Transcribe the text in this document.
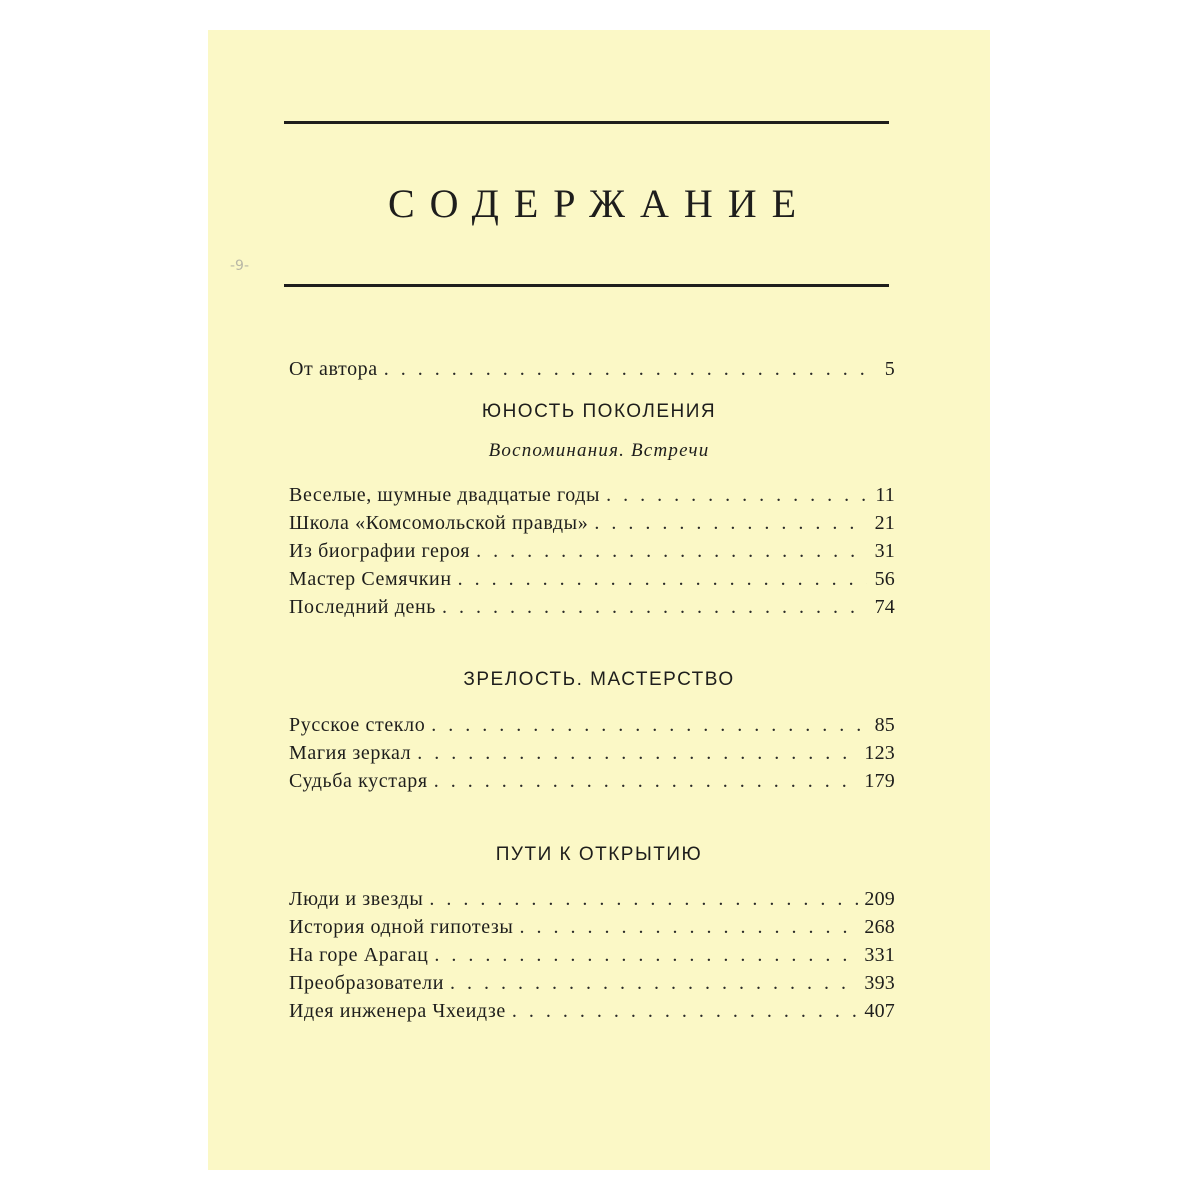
СОДЕРЖАНИЕ
-9-
От автора . . .	5
ЮНОСТЬ ПОКОЛЕНИЯ
Воспоминания. Встречи
Веселые, шумные двадцатые годы . . .	11
Школа «Комсомольской правды» . . .	21
Из биографии героя . . .	31
Мастер Семячкин . . .	56
Последний день . . .	74
ЗРЕЛОСТЬ. МАСТЕРСТВО
Русское стекло . . .	85
Магия зеркал . . .	123
Судьба кустаря . . .	179
ПУТИ К ОТКРЫТИЮ
Люди и звезды . . .	209
История одной гипотезы . . .	268
На горе Арагац . . .	331
Преобразователи . . .	393
Идея инженера Чхеидзе . . .	407
